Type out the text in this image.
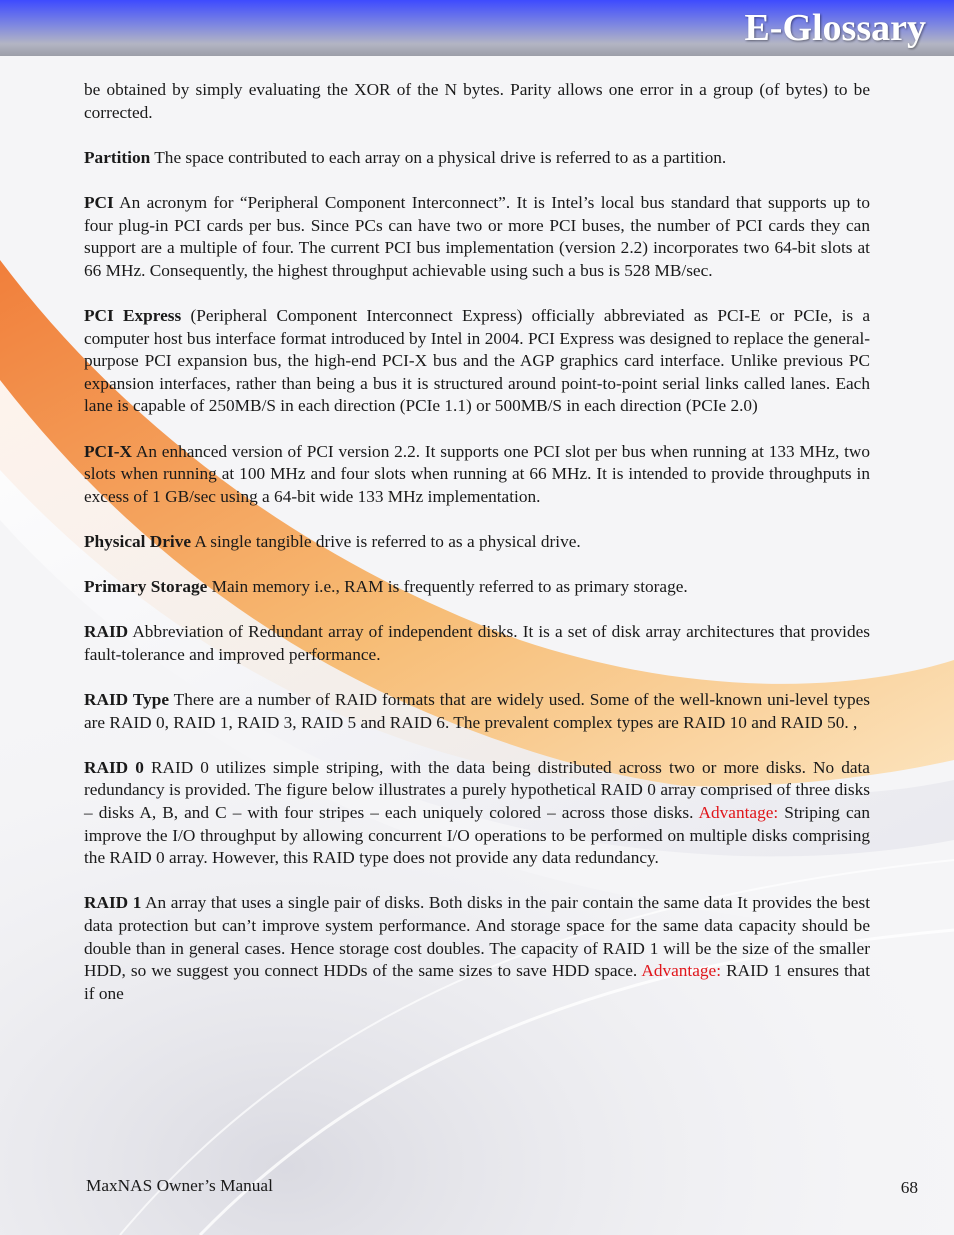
E-Glossary

be obtained by simply evaluating the XOR of the N bytes. Parity allows one error in a group (of bytes) to be corrected.

Partition The space contributed to each array on a physical drive is referred to as a partition.

PCI An acronym for “Peripheral Component Interconnect”. It is Intel’s local bus standard that supports up to four plug-in PCI cards per bus. Since PCs can have two or more PCI buses, the number of PCI cards they can support are a multiple of four. The current PCI bus implementation (version 2.2) incorporates two 64-bit slots at 66 MHz. Consequently, the highest throughput achievable using such a bus is 528 MB/sec.

PCI Express (Peripheral Component Interconnect Express) officially abbreviated as PCI-E or PCIe, is a computer host bus interface format introduced by Intel in 2004. PCI Express was designed to replace the general-purpose PCI expansion bus, the high-end PCI-X bus and the AGP graphics card interface. Unlike previous PC expansion interfaces, rather than being a bus it is structured around point-to-point serial links called lanes. Each lane is capable of 250MB/S in each direction (PCIe 1.1) or 500MB/S in each direction (PCIe 2.0)

PCI-X An enhanced version of PCI version 2.2. It supports one PCI slot per bus when running at 133 MHz, two slots when running at 100 MHz and four slots when running at 66 MHz. It is intended to provide throughputs in excess of 1 GB/sec using a 64-bit wide 133 MHz implementation.

Physical Drive A single tangible drive is referred to as a physical drive.

Primary Storage Main memory i.e., RAM is frequently referred to as primary storage.

RAID Abbreviation of Redundant array of independent disks. It is a set of disk array architectures that provides fault-tolerance and improved performance.

RAID Type There are a number of RAID formats that are widely used. Some of the well-known uni-level types are RAID 0, RAID 1, RAID 3, RAID 5 and RAID 6. The prevalent complex types are RAID 10 and RAID 50. ,

RAID 0 RAID 0 utilizes simple striping, with the data being distributed across two or more disks. No data redundancy is provided. The figure below illustrates a purely hypothetical RAID 0 array comprised of three disks – disks A, B, and C – with four stripes – each uniquely colored – across those disks. Advantage: Striping can improve the I/O throughput by allowing concurrent I/O operations to be performed on multiple disks comprising the RAID 0 array. However, this RAID type does not provide any data redundancy.

RAID 1 An array that uses a single pair of disks. Both disks in the pair contain the same data It provides the best data protection but can’t improve system performance. And storage space for the same data capacity should be double than in general cases. Hence storage cost doubles. The capacity of RAID 1 will be the size of the smaller HDD, so we suggest you connect HDDs of the same sizes to save HDD space. Advantage: RAID 1 ensures that if one

MaxNAS Owner’s Manual	68
